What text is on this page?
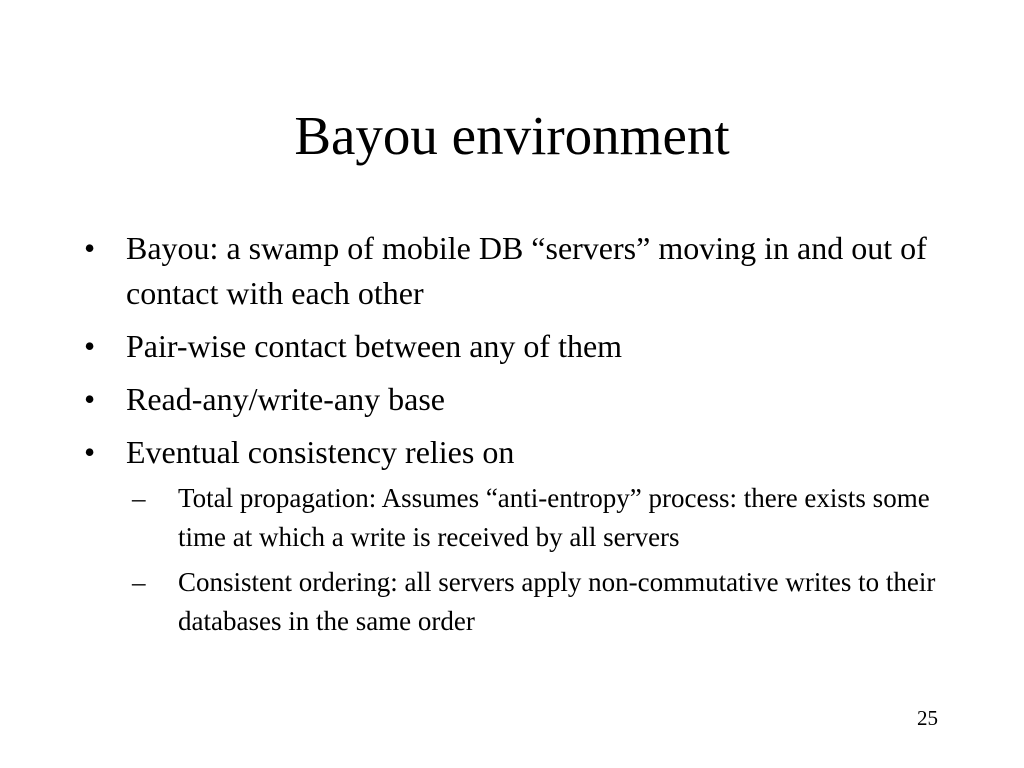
Bayou environment
• Bayou: a swamp of mobile DB “servers” moving in and out of contact with each other
• Pair-wise contact between any of them
• Read-any/write-any base
• Eventual consistency relies on
–	Total propagation: Assumes “anti-entropy” process: there exists some time at which a write is received by all servers
–	Consistent ordering: all servers apply non-commutative writes to their databases in the same order
25
